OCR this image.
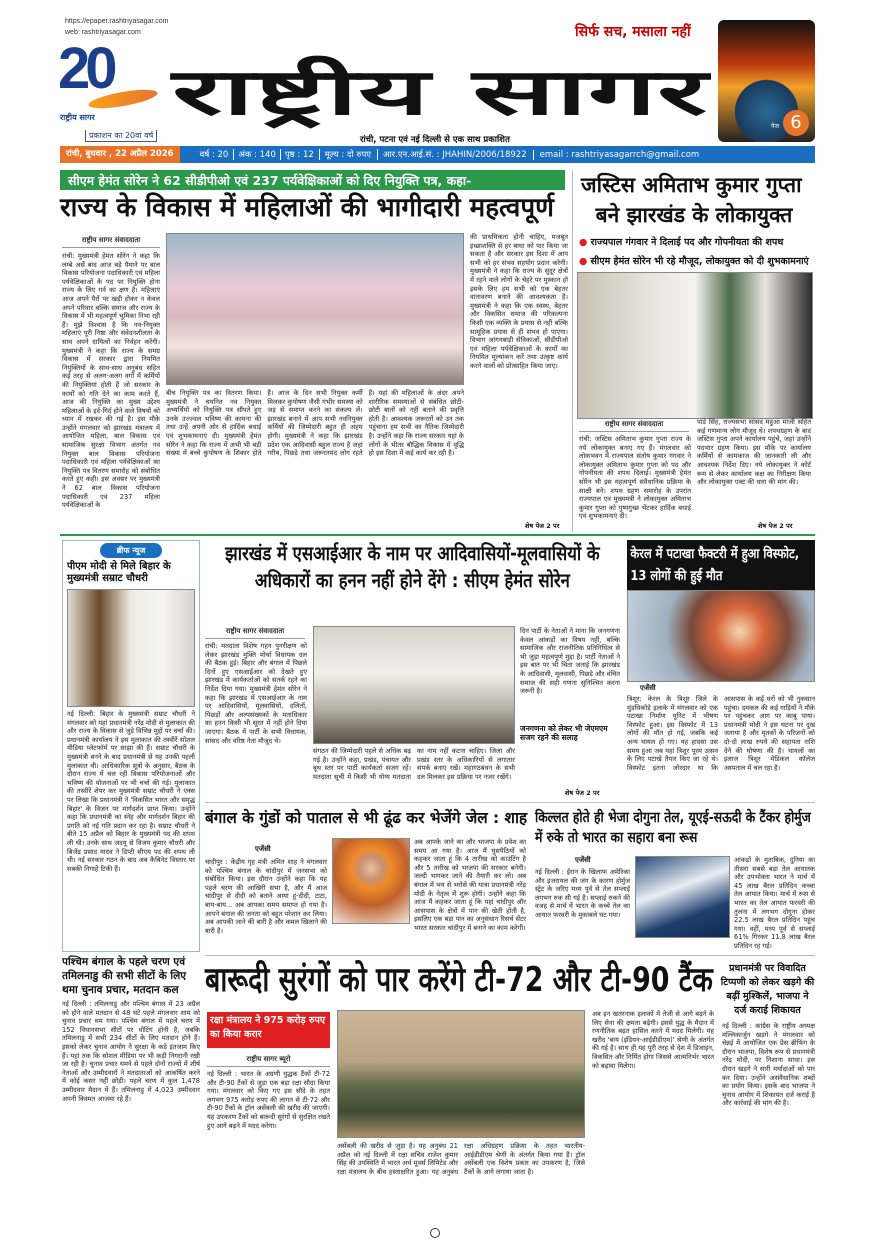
https://epaper.rashtriyasagar.com
web: rashtriyasagar.com
20
राष्ट्रीय सागर
प्रकाशन का 20वां वर्ष
राष्ट्रीय सागर
सिर्फ सच, मसाला नहीं
रांची, पटना एवं नई दिल्ली से एक साथ प्रकाशित
6
पेज
रांची, बुधवार , 22 अप्रैल 2026	वर्ष : 20	अंक : 140	पृष्ठ : 12	मूल्य : दो रुपए	आर.एन.आई.सं. : JHAHIN/2006/18922	email : rashtriyasagarrch@gmail.com
सीएम हेमंत सोरेन ने 62 सीडीपीओ एवं 237 पर्यवेक्षिकाओं को दिए नियुक्ति पत्र, कहा-
राज्य के विकास में महिलाओं की भागीदारी महत्वपूर्ण
राष्ट्रीय सागर संवाददाता
रांची: मुख्यमंत्री हेमंत सोरेन ने कहा कि लम्बे अर्से बाद आज बड़े पैमाने पर बाल विकास परियोजना पदाधिकारी एवं महिला पर्यवेक्षिकाओं के पद पर नियुक्ति होना राज्य के लिए गर्व का क्षण है। महिलाएं आज अपने पैरों पर खड़ी होकर न केवल अपने परिवार बल्कि समाज और राज्य के विकास में भी महत्वपूर्ण भूमिका निभा रही हैं। मुझे विश्वास है कि नव-नियुक्त महिलाएं पूरी निष्ठा और संवेदनशीलता के साथ अपने दायित्वों का निर्वहन करेंगी। मुख्यमंत्री ने कहा कि राज्य के समग्र विकास में सरकार द्वारा नियमित नियुक्तियों के साथ-साथ अनुबंध सहित कई तरह से अलग-अलग वर्गों में कर्मियों की नियुक्तियां होती हैं जो सरकार के कार्यों को गति देने का काम करते हैं, आज की नियुक्ति का मुख्य उद्देश्य महिलाओं के इर्द-गिर्द होने वाले विषयों को ध्यान में रखकर की गई है। इस मौके उन्होंने मंगलवार को झारखंड मंत्रालय में आयोजित महिला, बाल विकास एवं सामाजिक सुरक्षा विभाग अंतर्गत नव नियुक्त बाल विकास परियोजना पदाधिकारी एवं महिला पर्यवेक्षिकाओं का नियुक्ति पत्र वितरण समारोह को संबोधित करते हुए कही। इस अवसर पर मुख्यमंत्री ने 62 बाल विकास परियोजना पदाधिकारी एवं 237 महिला पर्यवेक्षिकाओं के
बीच नियुक्ति पत्र का वितरण किया। मुख्यमंत्री ने चयनित नव नियुक्त अभ्यर्थियों को नियुक्ति पत्र सौंपते हुए उनके उज्ज्वल भविष्य की कामना की तथा उन्हें अपनी ओर से हार्दिक बधाई एवं शुभकामनाएं दी। मुख्यमंत्री हेमंत सोरेन ने कहा कि राज्य में अभी भी बड़ी संख्या में बच्चे कुपोषण के शिकार होते हैं। आज के दिन सभी नियुक्त कर्मी मिलकर कुपोषण जैसी गंभीर समस्या को जड़ से समाप्त करने का संकल्प लें। झारखंड बनाने में आप सभी नवनियुक्त कर्मियों की जिम्मेदारी बहुत ही अहम होगी। मुख्यमंत्री ने कहा कि झारखंड प्रदेश एक आदिवासी बहुल राज्य है जहां गरीब, पिछड़े तथा जरूरतमंद लोग रहते हैं। यहां की महिलाओं के अंदर अपने शारीरिक समस्याओं से संबंधित छोटी-छोटी बातों को नहीं बताने की प्रवृत्ति होती है। आवश्यक जरूरतों को उन तक पहुंचाना हम सभी का नैतिक जिम्मेदारी है। उन्होंने कहा कि राज्य सरकार यहां के लोगों के भीतर बौद्धिक विकास में वृद्धि हो इस दिशा में कई कार्य कर रही है।
की प्राथमिकता होनी चाहिए, मजबूत इच्छाशक्ति से हर बाधा को पार किया जा सकता है और सरकार इस दिशा में आप सभी को हर संभव सहयोग प्रदान करेगी। मुख्यमंत्री ने कहा कि राज्य के सुदूर क्षेत्रों में रहने वाले लोगों के चेहरे पर मुस्कान हो इसके लिए हम सभी को एक बेहतर वातावरण बनाने की आवश्यकता है। मुख्यमंत्री ने कहा कि एक स्वस्थ, बेहतर और विकसित समाज की परिकल्पना किसी एक व्यक्ति के प्रयास से नहीं बल्कि सामूहिक प्रयास से ही संभव हो पाएगा। विभाग आंगनबाड़ी सेविकाओं, सीडीपीओ एवं महिला पर्यवेक्षिकाओं के कार्यों का नियमित मूल्यांकन करें तथा उत्कृष्ट कार्य करने वालों को प्रोत्साहित किया जाए।
शेष पेज 2 पर
जस्टिस अमिताभ कुमार गुप्ता
बने झारखंड के लोकायुक्त
● राज्यपाल गंगवार ने दिलाई पद और गोपनीयता की शपथ ● सीएम हेमंत सोरेन भी रहे मौजूद, लोकायुक्त को दी शुभकामनाएं
राष्ट्रीय सागर संवाददाता
रांची: जस्टिस अमिताभ कुमार गुप्ता राज्य के नये लोकायुक्त बनाए गए हैं। मंगलवार को लोकभवन में राज्यपाल संतोष कुमार गंगवार ने लोकायुक्त अमिताभ कुमार गुप्ता को पद और गोपनीयता की शपथ दिलाई। मुख्यमंत्री हेमंत सोरेन भी इस महत्वपूर्ण संवैधानिक प्रक्रिया के साक्षी बने। शपथ ग्रहण समारोह के उपरांत राज्यपाल एवं मुख्यमंत्री ने लोकायुक्त अमिताभ कुमार गुप्ता को पुष्पगुच्छ भेंटकर हार्दिक बधाई एवं शुभकामनाएं दी।
पांडे सिंह, राज्यसभा सांसद महुआ माजी सहित कई गणमान्य लोग मौजूद थे। शपथग्रहण के बाद जस्टिस गुप्ता अपने कार्यालय पहुंचे, जहां उन्होंने पदभार ग्रहण किया। इस मौके पर कार्यालय कर्मियों से कामकाज की जानकारी ली और आवश्यक निर्देश दिए। नये लोकायुक्त ने कोर्ट रूम से लेकर कार्यालय कक्ष का निरीक्षण किया और लोकायुक्त एक्ट की धारा की मांग की।
शेष पेज 2 पर
ब्रीफ न्यूज
पीएम मोदी से मिले बिहार के मुख्यमंत्री सम्राट चौधरी
नई दिल्ली: बिहार के मुख्यमंत्री सम्राट चौधरी ने मंगलवार को यहां प्रधानमंत्री नरेंद्र मोदी से मुलाकात की और राज्य के विकास से जुड़े विभिन्न मुद्दों पर चर्चा की। प्रधानमंत्री कार्यालय ने इस मुलाकात की तस्वीरें सोशल मीडिया प्लेटफॉर्म पर साझा की हैं। सम्राट चौधरी के मुख्यमंत्री बनने के बाद प्रधानमंत्री से यह उनकी पहली मुलाकात थी। आधिकारिक सूत्रों के अनुसार, बैठक के दौरान राज्य में चल रही विकास परियोजनाओं और भविष्य की योजनाओं पर भी चर्चा की गई। मुलाकात की तस्वीरें शेयर कर मुख्यमंत्री सम्राट चौधरी ने एक्स पर लिखा कि प्रधानमंत्री ने 'विकसित भारत और समृद्ध बिहार' के विजन पर मार्गदर्शन प्राप्त किया। उन्होंने कहा कि प्रधानमंत्री का स्नेह और मार्गदर्शन बिहार की प्रगति को नई गति प्रदान कर रहा है। सम्राट चौधरी ने बीते 15 अप्रैल को बिहार के मुख्यमंत्री पद की शपथ ली थी। उनके साथ जदयू से विजय कुमार चौधरी और बिजेंद्र प्रसाद यादव ने डिप्टी सीएम पद की शपथ ली थी। नई सरकार गठन के बाद अब कैबिनेट विस्तार पर सबकी निगाहें टिकी हैं।
पश्चिम बंगाल के पहले चरण एवं तमिलनाडु की सभी सीटों के लिए थमा चुनाव प्रचार, मतदान कल
नई दिल्ली : तमिलनाडु और पश्चिम बंगाल में 23 अप्रैल को होने वाले मतदान से 48 घंटे पहले मंगलवार शाम को चुनाव प्रचार थम गया। पश्चिम बंगाल में पहले चरण में 152 विधानसभा सीटों पर वोटिंग होनी है, जबकि तमिलनाडु में सभी 234 सीटों के लिए मतदान होने हैं। इसको लेकर चुनाव आयोग ने सुरक्षा के कड़े इंतजाम किए हैं। यहां तक कि सोशल मीडिया पर भी कड़ी निगरानी रखी जा रही है। चुनाव प्रचार थमने से पहले दोनों राज्यों में शीर्ष नेताओं और उम्मीदवारों ने मतदाताओं को आकर्षित करने में कोई कसर नहीं छोड़ी। पहले चरण में कुल 1,478 उम्मीदवार मैदान में हैं। तमिलनाडु में 4,023 उम्मीदवार अपनी किस्मत आजमा रहे हैं।
झारखंड में एसआईआर के नाम पर आदिवासियों-मूलवासियों के अधिकारों का हनन नहीं होने देंगे : सीएम हेमंत सोरेन
राष्ट्रीय सागर संवाददाता
रांची: मतदाता विशेष गहन पुनरीक्षण को लेकर झारखंड मुक्ति मोर्चा विधायक दल की बैठक हुई। बिहार और बंगाल में पिछले दिनों हुए एसआईआर को देखते हुए झारखंड में कार्यकर्ताओं को सतर्क रहने का निर्देश दिया गया। मुख्यमंत्री हेमंत सोरेन ने कहा कि झारखंड में एसआईआर के नाम पर आदिवासियों, मूलवासियों, दलितों, पिछड़ों और अल्पसंख्यकों के मताधिकार का हनन किसी भी सूरत में नहीं होने दिया जाएगा। बैठक में पार्टी के सभी विधायक, सांसद और वरिष्ठ नेता मौजूद थे।
संगठन की जिम्मेदारी पहले से अधिक बढ़ गई है। उन्होंने कहा, प्रखंड, पंचायत और बूथ स्तर पर पार्टी कार्यकर्ता सजग रहें। मतदाता सूची में किसी भी योग्य मतदाता का नाम नहीं कटना चाहिए। जिला और प्रखंड स्तर के अधिकारियों से लगातार संपर्क बनाए रखें। महागठबंधन के सभी दल मिलकर इस प्रक्रिया पर नजर रखेंगे।
दिन पार्टी के नेताओं ने माना कि जनगणना केवल आंकड़ों का विषय नहीं, बल्कि सामाजिक और राजनीतिक प्रतिनिधित्व से भी जुड़ा महत्वपूर्ण मुद्दा है। पार्टी नेताओं ने इस बात पर भी चिंता जताई कि झारखंड के आदिवासी, मूलवासी, पिछड़े और वंचित समाज की सही गणना सुनिश्चित करना जरूरी है।
जनगणना को लेकर भी जेएमएम सजग रहने की सलाह
शेष पेज 2 पर
केरल में पटाखा फैक्टरी में हुआ विस्फोट, 13 लोगों की हुई मौत
एजेंसी
त्रिशूर: केरल के त्रिशूर जिले के मुंडथिकोड़े इलाके में मंगलवार को एक पटाखा निर्माण यूनिट में भीषण विस्फोट हुआ। इस विस्फोट में 13 लोगों की मौत हो गई, जबकि कई अन्य घायल हो गए। यह हादसा उस समय हुआ जब यहां त्रिशूर पूरम उत्सव के लिए पटाखे तैयार किए जा रहे थे। विस्फोट इतना जोरदार था कि आसपास के कई घरों को भी नुकसान पहुंचा। दमकल की कई गाड़ियों ने मौके पर पहुंचकर आग पर काबू पाया। प्रधानमंत्री मोदी ने इस घटना पर दुख जताया है और मृतकों के परिजनों को दो-दो लाख रुपये की सहायता राशि देने की घोषणा की है। घायलों का इलाज त्रिशूर मेडिकल कॉलेज अस्पताल में चल रहा है।
बंगाल के गुंडों को पाताल से भी ढूंढ कर भेजेंगे जेल : शाह
एजेंसी
चांदीपुर : केंद्रीय गृह मंत्री अमित शाह ने मंगलवार को पश्चिम बंगाल के चांदीपुर में जनसभा को संबोधित किया। इस दौरान उन्होंने कहा कि यह पहले चरण की आखिरी सभा है, और मैं आज चांदीपुर से दीदी को बताने आया हूं-दीदी, टाटा, बाय-बाय... अब आपका समय समाप्त हो गया है। आपने बंगाल की जनता को बहुत परेशान कर लिया। अब आपकी जाने की बारी है और कमल खिलाने की बारी है।
अब आपके जाने का और भाजपा के प्रवेश का समय आ गया है। आज मैं घुसपैठियों को कहकर जाता हूं कि 4 तारीख को काउंटिंग है और 5 तारीख को भाजपा की सरकार बनेगी। जल्दी भागकर जाने की तैयारी कर लो। अब बंगाल में भय से भरोसे की यात्रा प्रधानमंत्री नरेंद्र मोदी के नेतृत्व में शुरू होगी। उन्होंने कहा कि आज मैं कहकर जाता हूं कि यहां चांदीपुर और आसपास के क्षेत्रों में पान की खेती होती है, इसलिए एक बड़ा पान का अनुसंधान रिसर्च सेंटर भारत सरकार चांदीपुर में बनाने का काम करेगी।
किल्लत होते ही भेजा दोगुना तेल, यूएई-सऊदी के टैंकर होर्मुज में रुके तो भारत का सहारा बना रूस
एजेंसी
नई दिल्ली : ईरान के खिलाफ अमेरिका और इजरायल की जंग के कारण होर्मुज स्ट्रेट के जरिए मध्य पूर्व से तेल सप्लाई लगभग रुक सी गई है। सप्लाई रुकने की वजह से मार्च में भारत के कच्चे तेल का आयात फरवरी के मुकाबले घट गया।
आंकड़ों के मुताबिक, दुनिया का तीसरा सबसे बड़ा तेल आयातक और उपभोक्ता भारत ने मार्च में 45 लाख बैरल प्रतिदिन कच्चा तेल आयात किया। मार्च में रूस से भारत का तेल आयात फरवरी की तुलना में लगभग दोगुना होकर 22.5 लाख बैरल प्रतिदिन पहुंच गया। वहीं, मध्य पूर्व से सप्लाई 61% गिरकर 11.8 लाख बैरल प्रतिदिन रह गई।
बारूदी सुरंगों को पार करेंगे टी-72 और टी-90 टैंक
रक्षा मंत्रालय ने 975 करोड़ रुपए का किया करार
राष्ट्रीय सागर ब्यूरो
नई दिल्ली : भारत के अग्रणी युद्धक टैंकों टी-72 और टी-90 टैंकों से जुड़ा एक बड़ा रक्षा सौदा किया गया। मंगलवार को किए गए इस सौदे के तहत लगभग 975 करोड़ रुपए की लागत से टी-72 और टी-90 टैंकों के ट्रॉल असेंबली की खरीद की जाएगी। यह उपकरण टैंकों को बारूदी सुरंगों से सुरक्षित रखते हुए आगे बढ़ने में मदद करेगा।
असेंबली की खरीद से जुड़ा है। यह अनुबंध 21 अप्रैल को नई दिल्ली में रक्षा सचिव राजेश कुमार सिंह की उपस्थिति में भारत अर्थ मूवर्स लिमिटेड और रक्षा मंत्रालय के बीच हस्ताक्षरित हुआ। यह अनुबंध रक्षा अधिग्रहण प्रक्रिया के तहत भारतीय-आईडीडीएम श्रेणी के अंतर्गत किया गया है। ट्रॉल असेंबली एक विशेष प्रकार का उपकरण है, जिसे टैंकों के आगे लगाया जाता है।
अब इन खतरनाक इलाकों में तेजी से आगे बढ़ने के लिए सेना की क्षमता बढ़ेगी। इससे युद्ध के मैदान में रणनीतिक बढ़त हासिल करने में मदद मिलेगी। यह खरीद 'बाय (इंडियन-आईडीडीएम)' श्रेणी के अंतर्गत की गई है। साथ ही यह पूरी तरह से देश में डिजाइन, विकसित और निर्मित होगा जिससे आत्मनिर्भर भारत को बढ़ावा मिलेगा।
प्रधानमंत्री पर विवादित टिप्पणी को लेकर खड़गे की बढ़ीं मुश्किलें, भाजपा ने दर्ज कराई शिकायत
नई दिल्ली : कांग्रेस के राष्ट्रीय अध्यक्ष मल्लिकार्जुन खड़गे ने मंगलवार को चेन्नई में आयोजित एक प्रेस ब्रीफिंग के दौरान भाजपा, विशेष रूप से प्रधानमंत्री नरेंद्र मोदी, पर निशाना साधा। इस दौरान खड़गे ने सारी मर्यादाओं को पार कर दिया। उन्होंने असंवैधानिक शब्दों का प्रयोग किया। इसके बाद भाजपा ने चुनाव आयोग में शिकायत दर्ज कराई है और कार्रवाई की मांग की है।
